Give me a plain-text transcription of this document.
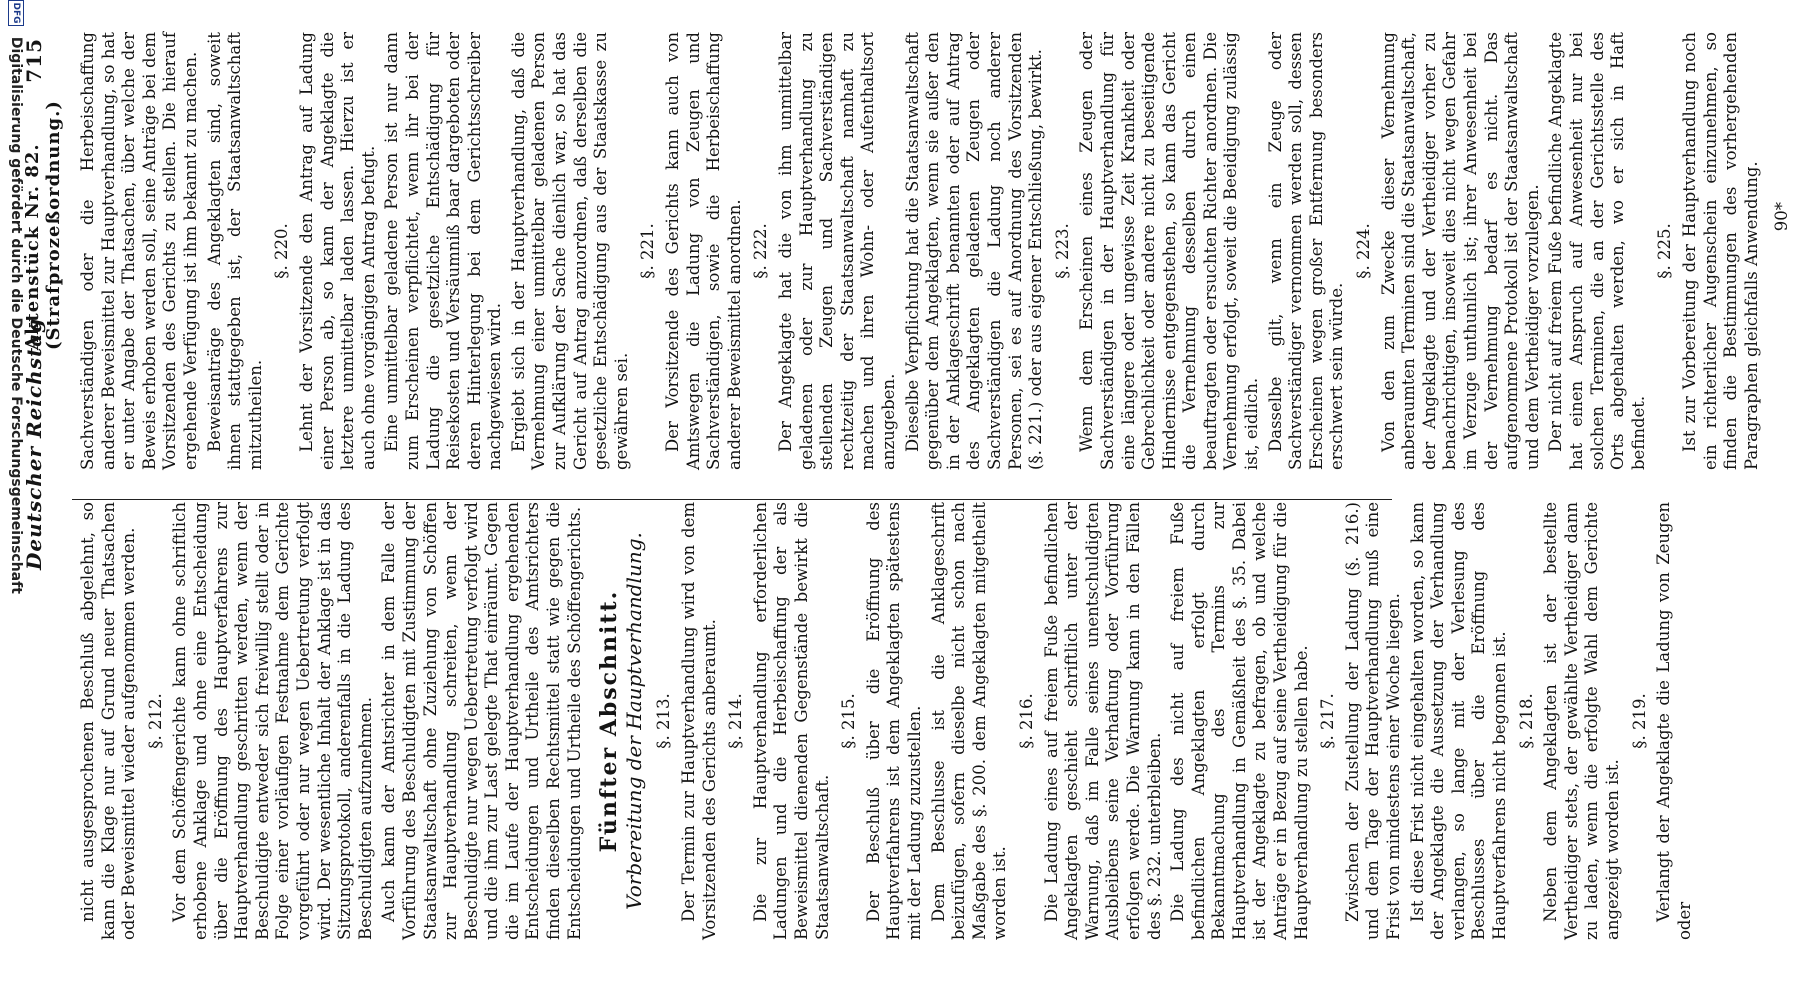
Deutscher Reichstag
Aktenstück Nr. 82. (Strafprozeßordnung.)
715

nicht ausgesprochenen Beschluß abgelehnt, so kann die Klage nur auf Grund neuer Thatsachen oder Beweismittel wieder aufgenommen werden. §. 212. Vor dem Schöffengerichte kann ohne schriftlich erhobene Anklage und ohne eine Entscheidung über die Eröffnung des Hauptverfahrens zur Hauptverhandlung geschritten werden, wenn der Beschuldigte entweder sich freiwillig stellt oder in Folge einer vorläufigen Festnahme dem Gerichte vorgeführt oder nur wegen Uebertretung verfolgt wird. Der wesentliche Inhalt der Anklage ist in das Sitzungsprotokoll, anderenfalls in die Ladung des Beschuldigten aufzunehmen. Auch kann der Amtsrichter in dem Falle der Vorführung des Beschuldigten mit Zustimmung der Staatsanwaltschaft ohne Zuziehung von Schöffen zur Hauptverhandlung schreiten, wenn der Beschuldigte nur wegen Uebertretung verfolgt wird und die ihm zur Last gelegte That einräumt. Gegen die im Laufe der Hauptverhandlung ergehenden Entscheidungen und Urtheile des Amtsrichters finden dieselben Rechtsmittel statt wie gegen die Entscheidungen und Urtheile des Schöffengerichts. Fünfter Abschnitt. Vorbereitung der Hauptverhandlung. §. 213. Der Termin zur Hauptverhandlung wird von dem Vorsitzenden des Gerichts anberaumt. §. 214. Die zur Hauptverhandlung erforderlichen Ladungen und die Herbeischaffung der als Beweismittel dienenden Gegenstände bewirkt die Staatsanwaltschaft.

§. 215. Der Beschluß über die Eröffnung des Hauptverfahrens ist dem Angeklagten spätestens mit der Ladung zuzustellen. Dem Beschlusse ist die Anklageschrift beizufügen, sofern dieselbe nicht schon nach Maßgabe des §. 200. dem Angeklagten mitgetheilt worden ist.

§. 216. Die Ladung eines auf freiem Fuße befindlichen Angeklagten geschieht schriftlich unter der Warnung, daß im Falle seines unentschuldigten Ausbleibens seine Verhaftung oder Vorführung erfolgen werde. Die Warnung kann in den Fällen des §. 232. unterbleiben. Die Ladung des nicht auf freiem Fuße befindlichen Angeklagten erfolgt durch Bekanntmachung des Termins zur Hauptverhandlung in Gemäßheit des §. 35. Dabei ist der Angeklagte zu befragen, ob und welche Anträge er in Bezug auf seine Vertheidigung für die Hauptverhandlung zu stellen habe. §. 217. Zwischen der Zustellung der Ladung (§. 216.) und dem Tage der Hauptverhandlung muß eine Frist von mindestens einer Woche liegen. Ist diese Frist nicht eingehalten worden, so kann der Angeklagte die Aussetzung der Verhandlung verlangen, so lange mit der Verlesung des Beschlusses über die Eröffnung des Hauptverfahrens nicht begonnen ist. §. 218. Neben dem Angeklagten ist der bestellte Vertheidiger stets, der gewählte Vertheidiger dann zu laden, wenn die erfolgte Wahl dem Gerichte angezeigt worden ist.

§. 219. Verlangt der Angeklagte die Ladung von Zeugen oder

Sachverständigen oder die Herbeischaffung anderer Beweismittel zur Hauptverhandlung, so hat er unter Angabe der Thatsachen, über welche der Beweis erhoben werden soll, seine Anträge bei dem Vorsitzenden des Gerichts zu stellen. Die hierauf ergehende Verfügung ist ihm bekannt zu machen. Beweisanträge des Angeklagten sind, soweit ihnen stattgegeben ist, der Staatsanwaltschaft mitzutheilen.

§. 220. Lehnt der Vorsitzende den Antrag auf Ladung einer Person ab, so kann der Angeklagte die letztere unmittelbar laden lassen. Hierzu ist er auch ohne vorgängigen Antrag befugt. Eine unmittelbar geladene Person ist nur dann zum Erscheinen verpflichtet, wenn ihr bei der Ladung die gesetzliche Entschädigung für Reisekosten und Versäumniß baar dargeboten oder deren Hinterlegung bei dem Gerichtsschreiber nachgewiesen wird. Ergiebt sich in der Hauptverhandlung, daß die Vernehmung einer unmittelbar geladenen Person zur Aufklärung der Sache dienlich war, so hat das Gericht auf Antrag anzuordnen, daß derselben die gesetzliche Entschädigung aus der Staatskasse zu gewähren sei.

§. 221. Der Vorsitzende des Gerichts kann auch von Amtswegen die Ladung von Zeugen und Sachverständigen, sowie die Herbeischaffung anderer Beweismittel anordnen. §. 222. Der Angeklagte hat die von ihm unmittelbar geladenen oder zur Hauptverhandlung zu stellenden Zeugen und Sachverständigen rechtzeitig der Staatsanwaltschaft namhaft zu machen und ihren Wohn- oder Aufenthaltsort anzugeben. Dieselbe Verpflichtung hat die Staatsanwaltschaft gegenüber dem Angeklagten, wenn sie außer den in der Anklageschrift benannten oder auf Antrag des Angeklagten geladenen Zeugen oder Sachverständigen die Ladung noch anderer Personen, sei es auf Anordnung des Vorsitzenden (§. 221.) oder aus eigener Entschließung, bewirkt. §. 223. Wenn dem Erscheinen eines Zeugen oder Sachverständigen in der Hauptverhandlung für eine längere oder ungewisse Zeit Krankheit oder Gebrechlichkeit oder andere nicht zu beseitigende Hindernisse entgegenstehen, so kann das Gericht die Vernehmung desselben durch einen beauftragten oder ersuchten Richter anordnen. Die Vernehmung erfolgt, soweit die Beeidigung zulässig ist, eidlich. Dasselbe gilt, wenn ein Zeuge oder Sachverständiger vernommen werden soll, dessen Erscheinen wegen großer Entfernung besonders erschwert sein würde.

§. 224. Von den zum Zwecke dieser Vernehmung anberaumten Terminen sind die Staatsanwaltschaft, der Angeklagte und der Vertheidiger vorher zu benachrichtigen, insoweit dies nicht wegen Gefahr im Verzuge unthunlich ist; ihrer Anwesenheit bei der Vernehmung bedarf es nicht. Das aufgenommene Protokoll ist der Staatsanwaltschaft und dem Vertheidiger vorzulegen. Der nicht auf freiem Fuße befindliche Angeklagte hat einen Anspruch auf Anwesenheit nur bei solchen Terminen, die an der Gerichtsstelle des Orts abgehalten werden, wo er sich in Haft befindet.

§. 225. Ist zur Vorbereitung der Hauptverhandlung noch ein richterlicher Augenschein einzunehmen, so finden die Bestimmungen des vorhergehenden Paragraphen gleichfalls Anwendung. 90*
DFG Digitalisierung gefördert durch die Deutsche Forschungsgemeinschaft
